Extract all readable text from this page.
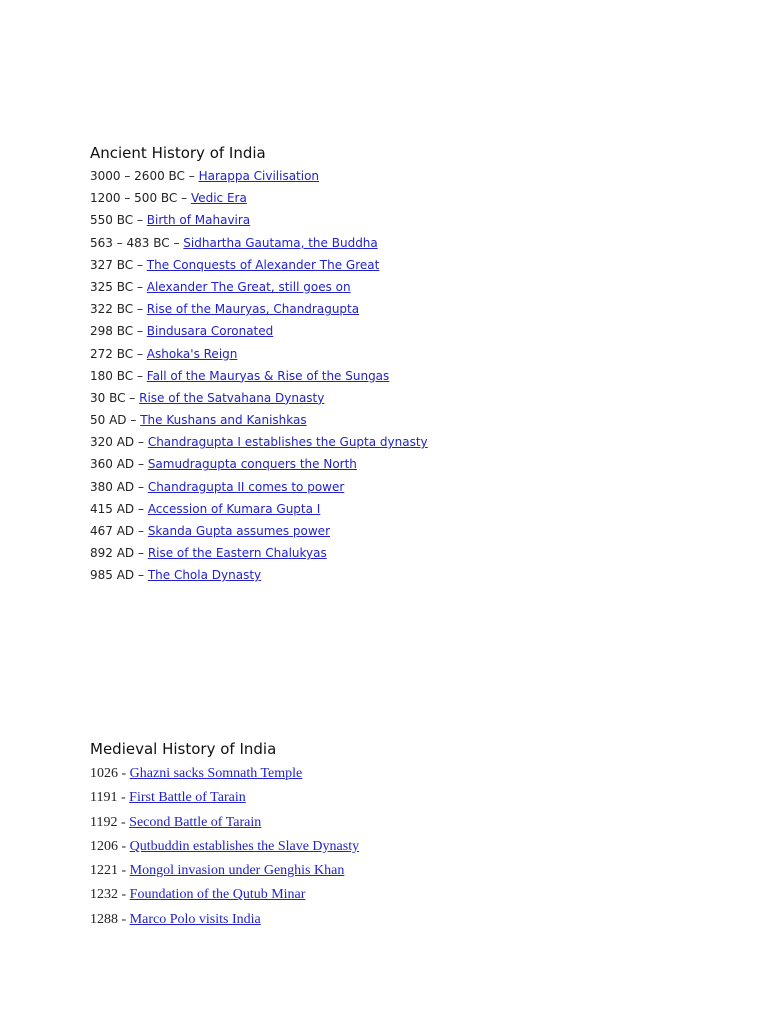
Ancient History of India
3000 – 2600 BC – Harappa Civilisation
1200 – 500 BC – Vedic Era
550 BC – Birth of Mahavira
563 – 483 BC – Sidhartha Gautama, the Buddha
327 BC – The Conquests of Alexander The Great
325 BC – Alexander The Great, still goes on
322 BC – Rise of the Mauryas, Chandragupta
298 BC – Bindusara Coronated
272 BC – Ashoka's Reign
180 BC – Fall of the Mauryas & Rise of the Sungas
30 BC – Rise of the Satvahana Dynasty
50 AD – The Kushans and Kanishkas
320 AD – Chandragupta I establishes the Gupta dynasty
360 AD – Samudragupta conquers the North
380 AD – Chandragupta II comes to power
415 AD – Accession of Kumara Gupta I
467 AD – Skanda Gupta assumes power
892 AD – Rise of the Eastern Chalukyas
985 AD – The Chola Dynasty
Medieval History of India
1026 - Ghazni sacks Somnath Temple
1191 - First Battle of Tarain
1192 - Second Battle of Tarain
1206 - Qutbuddin establishes the Slave Dynasty
1221 - Mongol invasion under Genghis Khan
1232 - Foundation of the Qutub Minar
1288 - Marco Polo visits India
